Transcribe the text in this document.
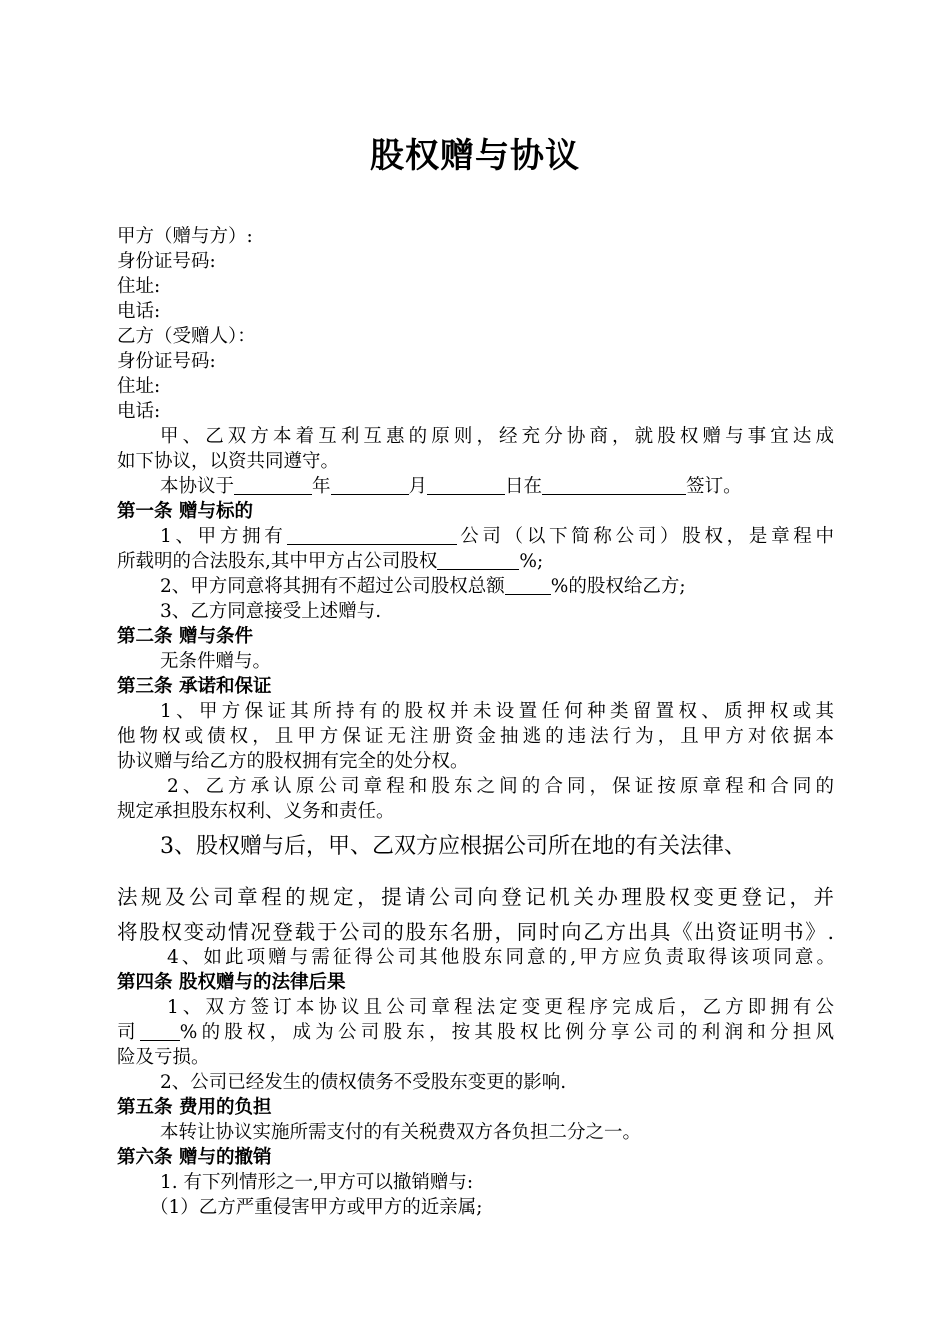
股权赠与协议
甲方（赠与方）:
身份证号码:
住址:
电话:
乙方（受赠人）：
身份证号码:
住址:
电话:
甲、乙双方本着互利互惠的原则，经充分协商，就股权赠与事宜达成
如下协议，以资共同遵守。
本协议于	年	月	日在	签订。
第一条 赠与标的
1、甲方拥有	公司（以下简称公司）股权，是章程中
所载明的合法股东,其中甲方占公司股权	%;
2、甲方同意将其拥有不超过公司股权总额 %的股权给乙方;
3、乙方同意接受上述赠与.
第二条 赠与条件
无条件赠与。
第三条 承诺和保证
1、甲方保证其所持有的股权并未设置任何种类留置权、质押权或其
他物权或债权，且甲方保证无注册资金抽逃的违法行为，且甲方对依据本
协议赠与给乙方的股权拥有完全的处分权。
2、乙方承认原公司章程和股东之间的合同，保证按原章程和合同的
规定承担股东权利、义务和责任。
3、股权赠与后，甲、乙双方应根据公司所在地的有关法律、
法规及公司章程的规定，提请公司向登记机关办理股权变更登记，并
将股权变动情况登载于公司的股东名册，同时向乙方出具《出资证明书》.
4、如此项赠与需征得公司其他股东同意的,甲方应负责取得该项同意。
第四条 股权赠与的法律后果
1、双方签订本协议且公司章程法定变更程序完成后，乙方即拥有公
司 %的股权，成为公司股东，按其股权比例分享公司的利润和分担风
险及亏损。
2、公司已经发生的债权债务不受股东变更的影响.
第五条 费用的负担
本转让协议实施所需支付的有关税费双方各负担二分之一。
第六条 赠与的撤销
1. 有下列情形之一,甲方可以撤销赠与:
（1）乙方严重侵害甲方或甲方的近亲属;
